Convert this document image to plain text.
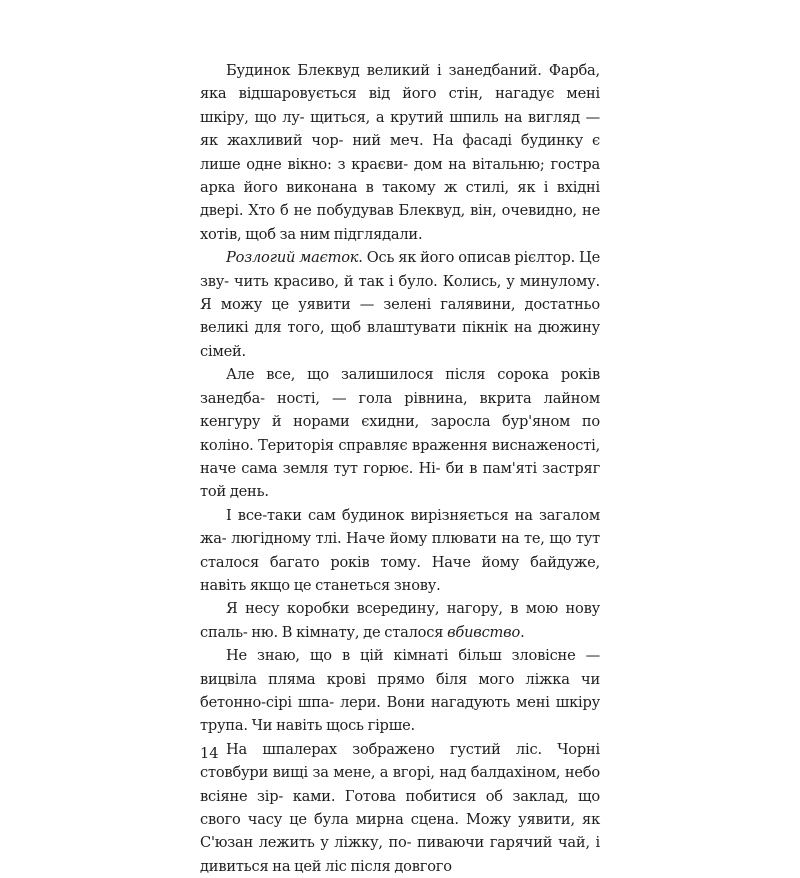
Будинок Блеквуд великий і занедбаний. Фарба, яка відшаровується від його стін, нагадує мені шкіру, що лу- щиться, а крутий шпиль на вигляд — як жахливий чор- ний меч. На фасаді будинку є лише одне вікно: з краєви- дом на вітальню; гостра арка його виконана в такому ж стилі, як і вхідні двері. Хто б не побудував Блеквуд, він, очевидно, не хотів, щоб за ним підглядали.

Розлогий маєток. Ось як його описав рієлтор. Це зву- чить красиво, й так і було. Колись, у минулому. Я можу це уявити — зелені галявини, достатньо великі для того, щоб влаштувати пікнік на дюжину сімей.

Але все, що залишилося після сорока років занедба- ності, — гола рівнина, вкрита лайном кенгуру й норами єхидни, заросла бур'яном по коліно. Територія справляє враження виснаженості, наче сама земля тут горює. Ні- би в пам'яті застряг той день.

І все-таки сам будинок вирізняється на загалом жа- люгідному тлі. Наче йому плювати на те, що тут сталося багато років тому. Наче йому байдуже, навіть якщо це станеться знову.

Я несу коробки всередину, нагору, в мою нову спаль- ню. В кімнату, де сталося вбивство.

Не знаю, що в цій кімнаті більш зловісне — вицвіла пляма крові прямо біля мого ліжка чи бетонно-сірі шпа- лери. Вони нагадують мені шкіру трупа. Чи навіть щось гірше.

На шпалерах зображено густий ліс. Чорні стовбури вищі за мене, а вгорі, над балдахіном, небо всіяне зір- ками. Готова побитися об заклад, що свого часу це була мирна сцена. Можу уявити, як С'юзан лежить у ліжку, по- пиваючи гарячий чай, і дивиться на цей ліс після довгого

14
